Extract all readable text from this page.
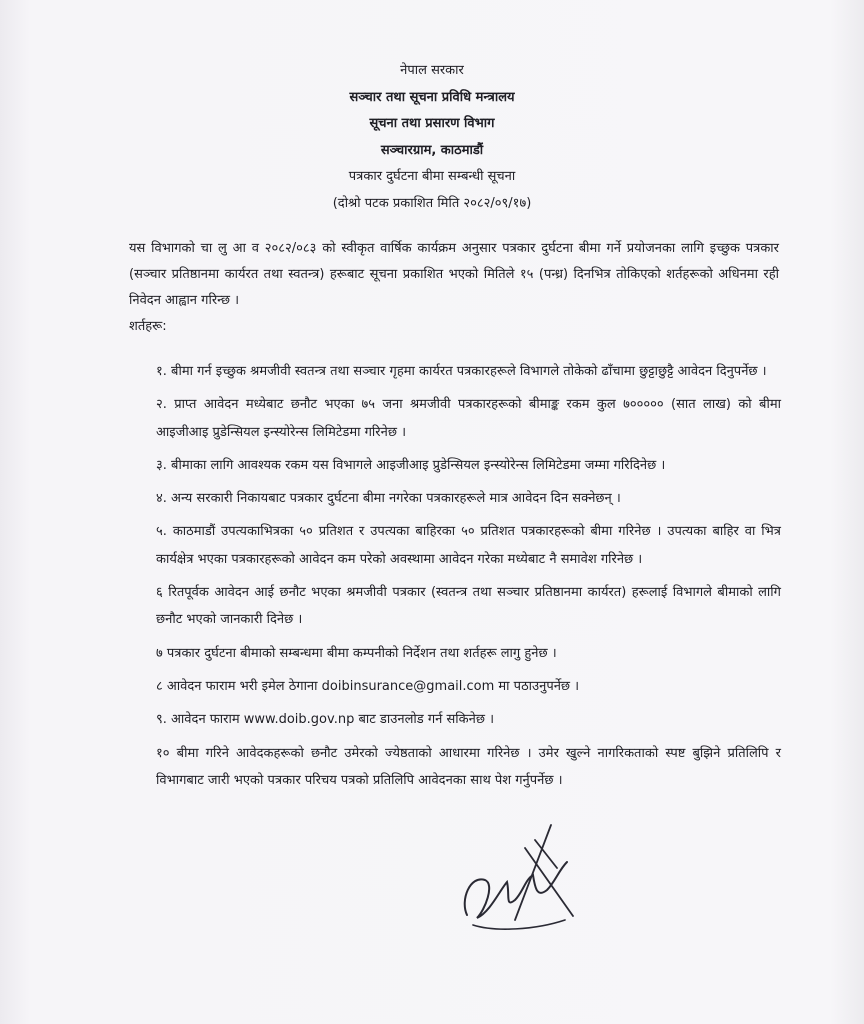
नेपाल सरकार
सञ्चार तथा सूचना प्रविधि मन्त्रालय
सूचना तथा प्रसारण विभाग
सञ्चारग्राम, काठमाडौं
पत्रकार दुर्घटना बीमा सम्बन्धी सूचना
(दोश्रो पटक प्रकाशित मिति २०८२/०९/१७)
यस विभागको चा लु आ व २०८२/०८३ को स्वीकृत वार्षिक कार्यक्रम अनुसार पत्रकार दुर्घटना बीमा गर्ने प्रयोजनका लागि इच्छुक पत्रकार (सञ्चार प्रतिष्ठानमा कार्यरत तथा स्वतन्त्र) हरूबाट सूचना प्रकाशित भएको मितिले १५ (पन्ध्र) दिनभित्र तोकिएको शर्तहरूको अधिनमा रही निवेदन आह्वान गरिन्छ ।
शर्तहरू:
१. बीमा गर्न इच्छुक श्रमजीवी स्वतन्त्र तथा सञ्चार गृहमा कार्यरत पत्रकारहरूले विभागले तोकेको ढाँचामा छुट्टाछुट्टै आवेदन दिनुपर्नेछ ।
२. प्राप्त आवेदन मध्येबाट छनौट भएका ७५ जना श्रमजीवी पत्रकारहरूको बीमाङ्क रकम कुल ७००००० (सात लाख) को बीमा आइजीआइ प्रुडेन्सियल इन्स्योरेन्स लिमिटेडमा गरिनेछ ।
३. बीमाका लागि आवश्यक रकम यस विभागले आइजीआइ प्रुडेन्सियल इन्स्योरेन्स लिमिटेडमा जम्मा गरिदिनेछ ।
४. अन्य सरकारी निकायबाट पत्रकार दुर्घटना बीमा नगरेका पत्रकारहरूले मात्र आवेदन दिन सक्नेछन् ।
५. काठमाडौं उपत्यकाभित्रका ५० प्रतिशत र उपत्यका बाहिरका ५० प्रतिशत पत्रकारहरूको बीमा गरिनेछ । उपत्यका बाहिर वा भित्र कार्यक्षेत्र भएका पत्रकारहरूको आवेदन कम परेको अवस्थामा आवेदन गरेका मध्येबाट नै समावेश गरिनेछ ।
६ रितपूर्वक आवेदन आई छनौट भएका श्रमजीवी पत्रकार (स्वतन्त्र तथा सञ्चार प्रतिष्ठानमा कार्यरत) हरूलाई विभागले बीमाको लागि छनौट भएको जानकारी दिनेछ ।
७ पत्रकार दुर्घटना बीमाको सम्बन्धमा बीमा कम्पनीको निर्देशन तथा शर्तहरू लागु हुनेछ ।
८ आवेदन फाराम भरी इमेल ठेगाना doibinsurance@gmail.com मा पठाउनुपर्नेछ ।
९. आवेदन फाराम www.doib.gov.np बाट डाउनलोड गर्न सकिनेछ ।
१० बीमा गरिने आवेदकहरूको छनौट उमेरको ज्येष्ठताको आधारमा गरिनेछ । उमेर खुल्ने नागरिकताको स्पष्ट बुझिने प्रतिलिपि र विभागबाट जारी भएको पत्रकार परिचय पत्रको प्रतिलिपि आवेदनका साथ पेश गर्नुपर्नेछ ।
